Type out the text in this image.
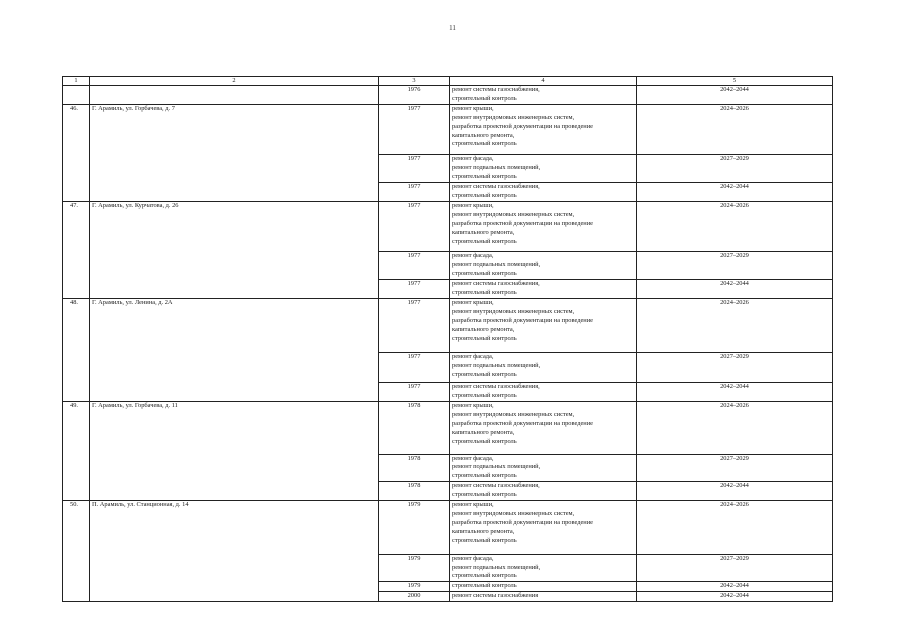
11
1	2	3	4	5
		1976	ремонт системы газоснабжения,
строительный контроль	2042–2044
46.	Г. Арамиль, ул. Горбачева, д. 7	1977	ремонт крыши,
ремонт внутридомовых инженерных систем,
разработка проектной документации на проведение
капитального ремонта,
строительный контроль	2024–2026
		1977	ремонт фасада,
ремонт подвальных помещений,
строительный контроль	2027–2029
		1977	ремонт системы газоснабжения,
строительный контроль	2042–2044
47.	Г. Арамиль, ул. Курчатова, д. 26	1977	ремонт крыши,
ремонт внутридомовых инженерных систем,
разработка проектной документации на проведение
капитального ремонта,
строительный контроль	2024–2026
		1977	ремонт фасада,
ремонт подвальных помещений,
строительный контроль	2027–2029
		1977	ремонт системы газоснабжения,
строительный контроль	2042–2044
48.	Г. Арамиль, ул. Ленина, д. 2А	1977	ремонт крыши,
ремонт внутридомовых инженерных систем,
разработка проектной документации на проведение
капитального ремонта,
строительный контроль	2024–2026
		1977	ремонт фасада,
ремонт подвальных помещений,
строительный контроль	2027–2029
		1977	ремонт системы газоснабжения,
строительный контроль	2042–2044
49.	Г. Арамиль, ул. Горбачева, д. 11	1978	ремонт крыши,
ремонт внутридомовых инженерных систем,
разработка проектной документации на проведение
капитального ремонта,
строительный контроль	2024–2026
		1978	ремонт фасада,
ремонт подвальных помещений,
строительный контроль	2027–2029
		1978	ремонт системы газоснабжения,
строительный контроль	2042–2044
50.	П. Арамиль, ул. Станционная, д. 14	1979	ремонт крыши,
ремонт внутридомовых инженерных систем,
разработка проектной документации на проведение
капитального ремонта,
строительный контроль	2024–2026
		1979	ремонт фасада,
ремонт подвальных помещений,
строительный контроль	2027–2029
		1979	строительный контроль	2042–2044
		2000	ремонт системы газоснабжения	2042–2044
